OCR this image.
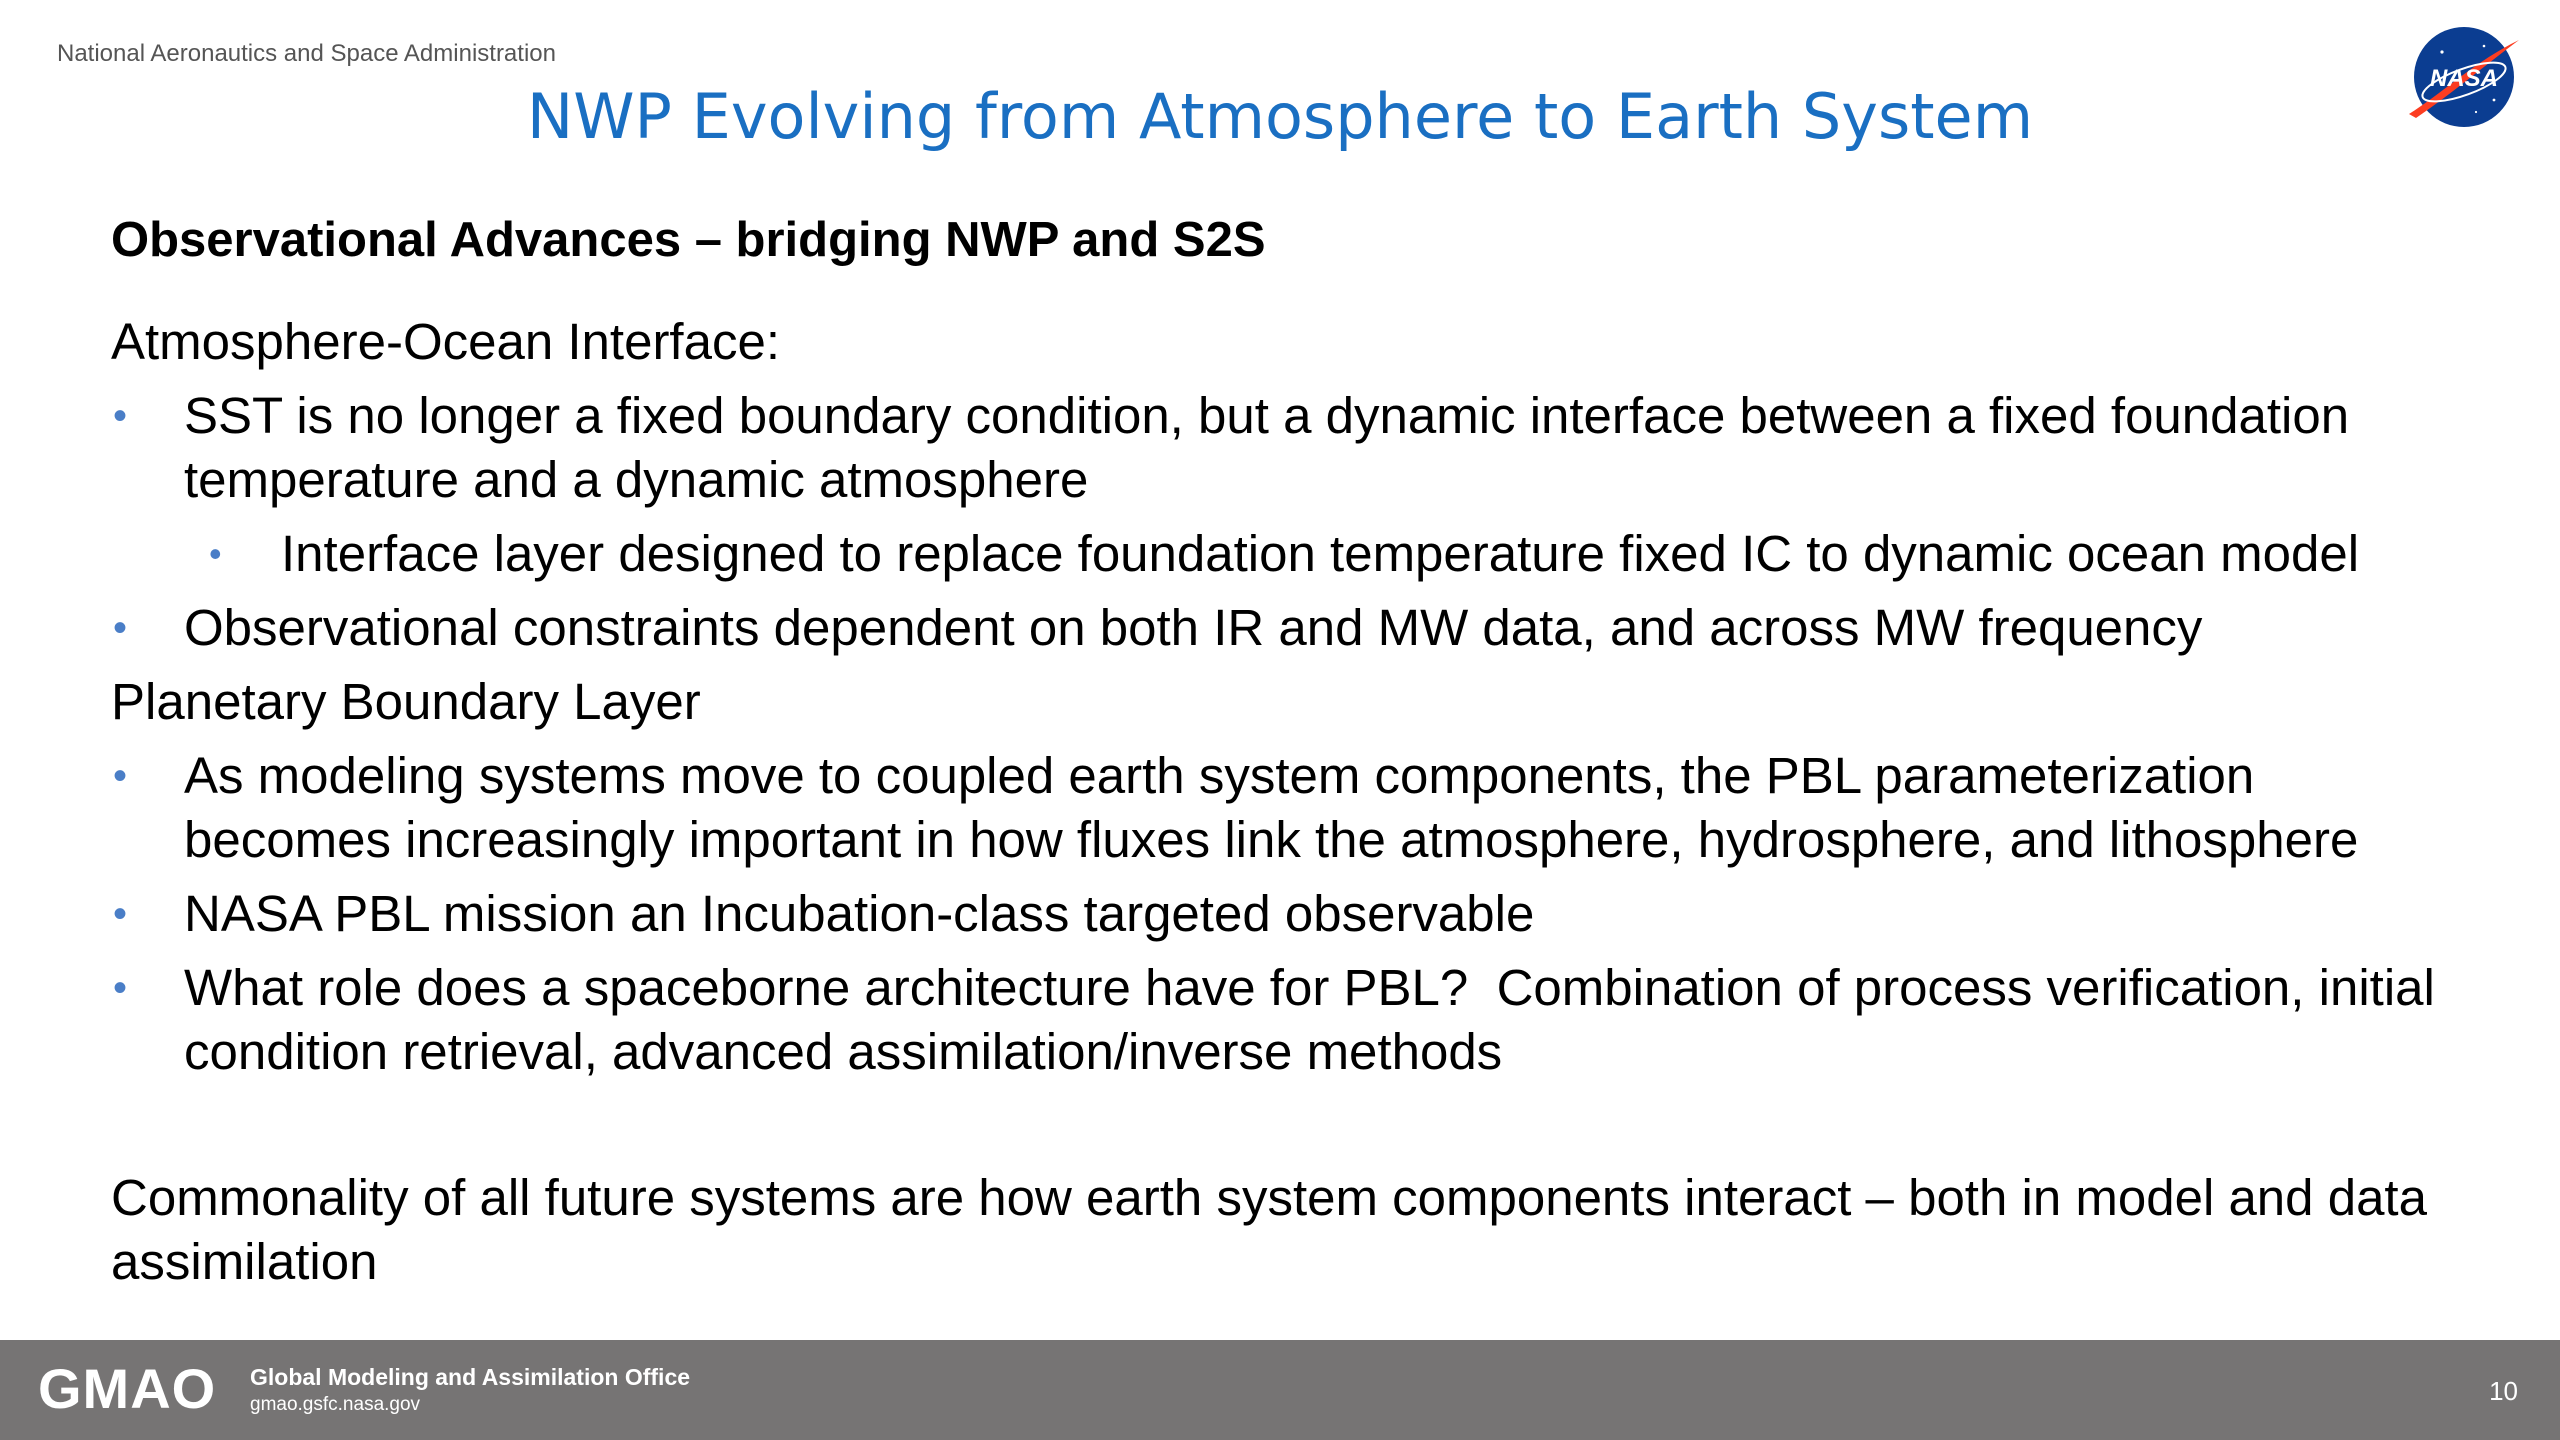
National Aeronautics and Space Administration
NASA
NWP Evolving from Atmosphere to Earth System
Observational Advances – bridging NWP and S2S
Atmosphere-Ocean Interface:
• SST is no longer a fixed boundary condition, but a dynamic interface between a fixed foundation temperature and a dynamic atmosphere
• Interface layer designed to replace foundation temperature fixed IC to dynamic ocean model
• Observational constraints dependent on both IR and MW data, and across MW frequency
Planetary Boundary Layer
• As modeling systems move to coupled earth system components, the PBL parameterization becomes increasingly important in how fluxes link the atmosphere, hydrosphere, and lithosphere
• NASA PBL mission an Incubation-class targeted observable
• What role does a spaceborne architecture have for PBL?  Combination of process verification, initial condition retrieval, advanced assimilation/inverse methods
Commonality of all future systems are how earth system components interact – both in model and data assimilation
GMAO Global Modeling and Assimilation Office
gmao.gsfc.nasa.gov	10
